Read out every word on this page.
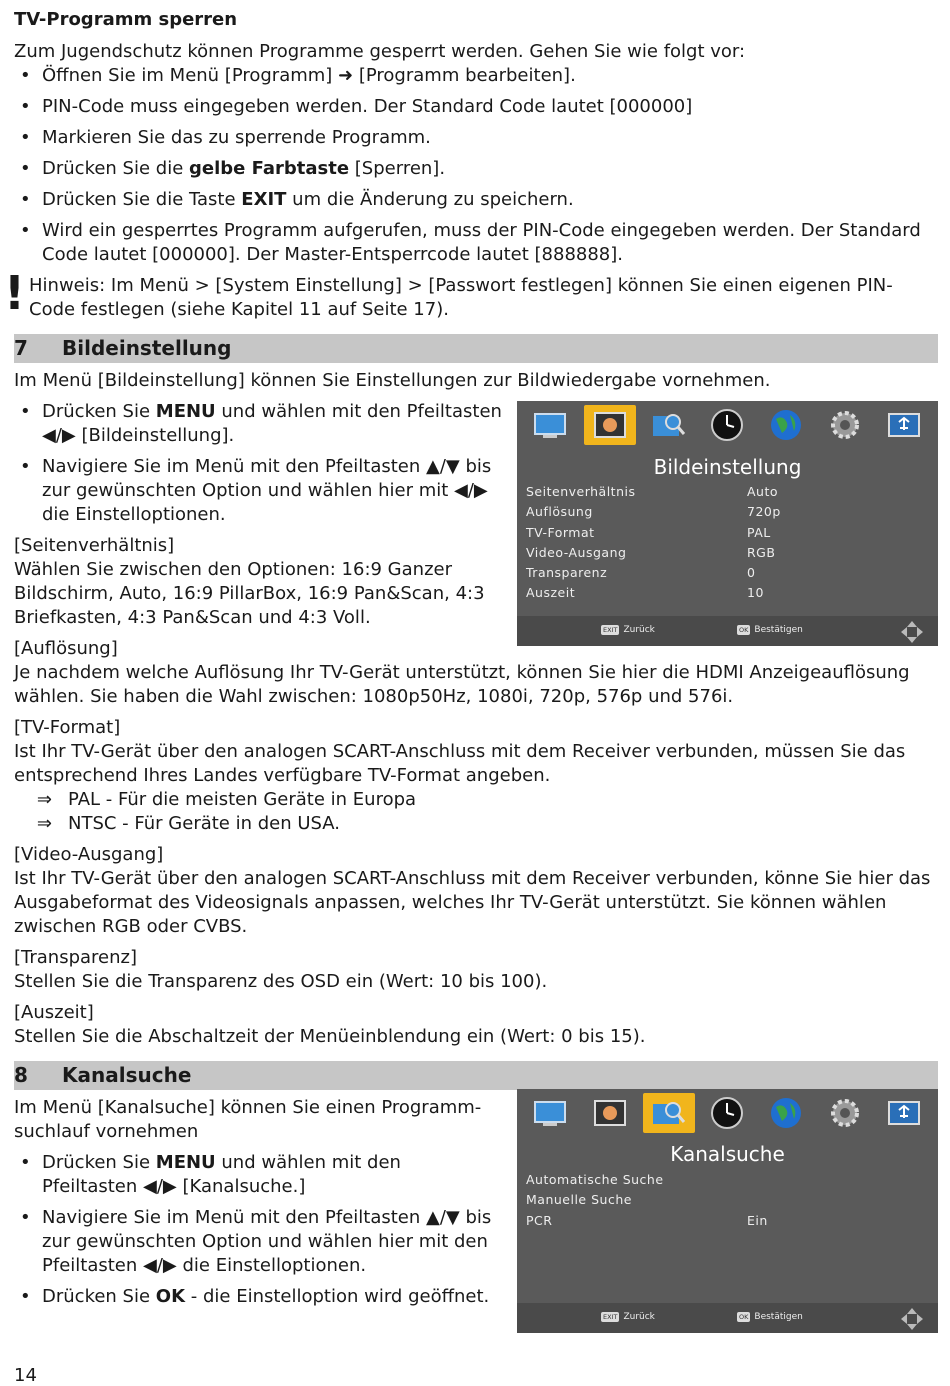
TV-Programm sperren

Zum Jugendschutz können Programme gesperrt werden. Gehen Sie wie folgt vor:

• Öffnen Sie im Menü [Programm] ➜ [Programm bearbeiten].
• PIN-Code muss eingegeben werden. Der Standard Code lautet [000000]
• Markieren Sie das zu sperrende Programm.
• Drücken Sie die gelbe Farbtaste [Sperren].
• Drücken Sie die Taste EXIT um die Änderung zu speichern.
• Wird ein gesperrtes Programm aufgerufen, muss der PIN-Code eingegeben werden. Der Standard Code lautet [000000]. Der Master-Entsperrcode lautet [888888].
! Hinweis: Im Menü > [System Einstellung] > [Passwort festlegen] können Sie einen eigenen PIN-Code festlegen (siehe Kapitel 11 auf Seite 17).
7 Bildeinstellung

Im Menü [Bildeinstellung] können Sie Einstellungen zur Bildwiedergabe vornehmen.

• Drücken Sie MENU und wählen mit den Pfeiltasten ◀/▶ [Bildeinstellung].
• Navigiere Sie im Menü mit den Pfeiltasten ▲/▼ bis zur gewünschten Option und wählen hier mit ◀/▶ die Einstelloptionen.
[Seitenverhältnis]

Wählen Sie zwischen den Optionen: 16:9 Ganzer Bildschirm, Auto, 16:9 PillarBox, 16:9 Pan&Scan, 4:3 Briefkasten, 4:3 Pan&Scan und 4:3 Voll.

[Auflösung]

Je nachdem welche Auflösung Ihr TV-Gerät unterstützt, können Sie hier die HDMI Anzeigeauflösung wählen. Sie haben die Wahl zwischen: 1080p50Hz, 1080i, 720p, 576p und 576i.

[TV-Format]

Ist Ihr TV-Gerät über den analogen SCART-Anschluss mit dem Receiver verbunden, müssen Sie das entsprechend Ihres Landes verfügbare TV-Format angeben.

⇒ PAL - Für die meisten Geräte in Europa
⇒ NTSC - Für Geräte in den USA.
[Video-Ausgang]

Ist Ihr TV-Gerät über den analogen SCART-Anschluss mit dem Receiver verbunden, könne Sie hier das Ausgabeformat des Videosignals anpassen, welches Ihr TV-Gerät unterstützt. Sie können wählen zwischen RGB oder CVBS.

[Transparenz]

Stellen Sie die Transparenz des OSD ein (Wert: 10 bis 100).

[Auszeit]

Stellen Sie die Abschaltzeit der Menüeinblendung ein (Wert: 0 bis 15).

8 Kanalsuche

Im Menü [Kanalsuche] können Sie einen Programm-suchlauf vornehmen

• Drücken Sie MENU und wählen mit den Pfeiltasten ◀/▶ [Kanalsuche.]
• Navigiere Sie im Menü mit den Pfeiltasten ▲/▼ bis zur gewünschten Option und wählen hier mit den Pfeiltasten ◀/▶ die Einstelloptionen.
• Drücken Sie OK - die Einstelloption wird geöffnet.
Bildeinstellung
Seitenverhältnis	Auto
Auflösung	720p
TV-Format	PAL
Video-Ausgang	RGB
Transparenz	0
Auszeit	10
EXIT Zurück	OK Bestätigen
Kanalsuche
Automatische Suche
Manuelle Suche
PCR	Ein
EXIT Zurück	OK Bestätigen
14
